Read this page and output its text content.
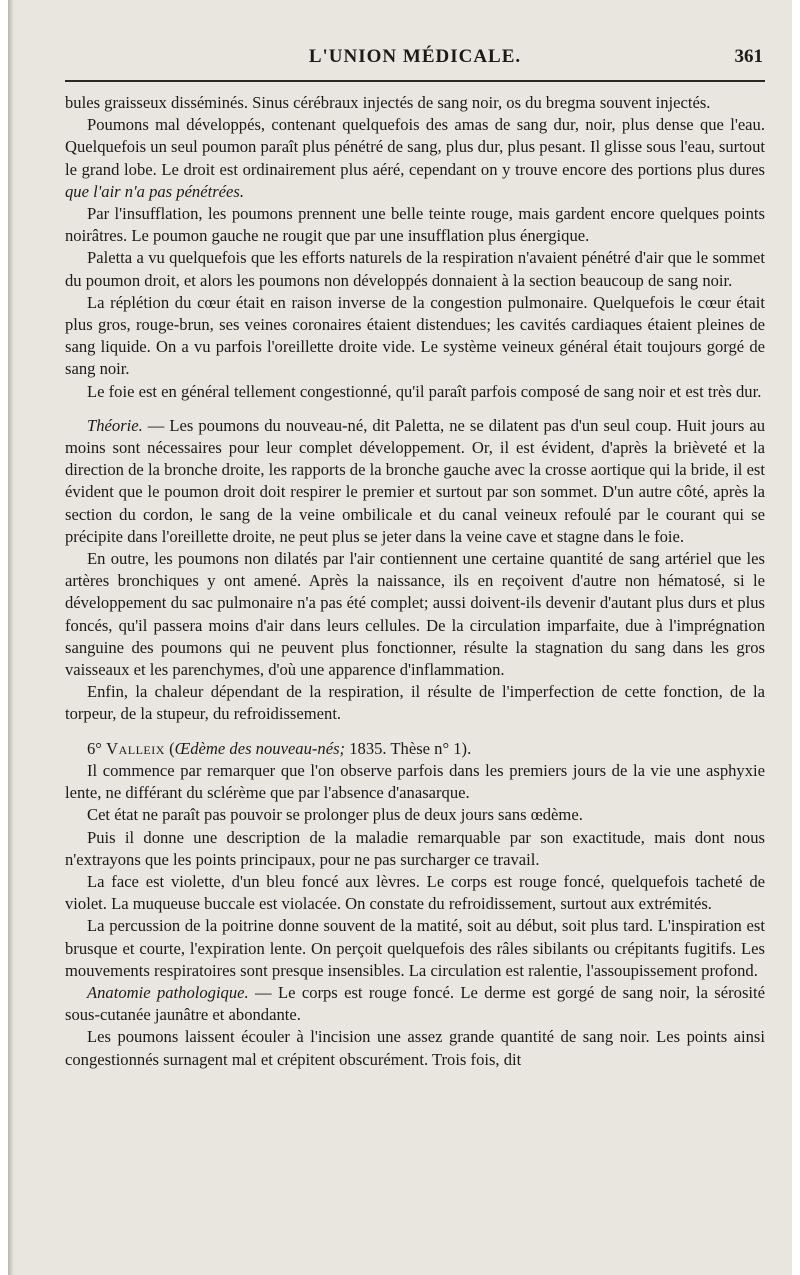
L'UNION MÉDICALE.	361

bules graisseux disséminés. Sinus cérébraux injectés de sang noir, os du bregma souvent injectés.

Poumons mal développés, contenant quelquefois des amas de sang dur, noir, plus dense que l'eau. Quelquefois un seul poumon paraît plus pénétré de sang, plus dur, plus pesant. Il glisse sous l'eau, surtout le grand lobe. Le droit est ordinairement plus aéré, cependant on y trouve encore des portions plus dures que l'air n'a pas pénétrées.

Par l'insufflation, les poumons prennent une belle teinte rouge, mais gardent encore quelques points noirâtres. Le poumon gauche ne rougit que par une insufflation plus énergique.

Paletta a vu quelquefois que les efforts naturels de la respiration n'avaient pénétré d'air que le sommet du poumon droit, et alors les poumons non développés donnaient à la section beaucoup de sang noir.

La réplétion du cœur était en raison inverse de la congestion pulmonaire. Quelquefois le cœur était plus gros, rouge-brun, ses veines coronaires étaient distendues; les cavités cardiaques étaient pleines de sang liquide. On a vu parfois l'oreillette droite vide. Le système veineux général était toujours gorgé de sang noir.

Le foie est en général tellement congestionné, qu'il paraît parfois composé de sang noir et est très dur.

Théorie. — Les poumons du nouveau-né, dit Paletta, ne se dilatent pas d'un seul coup. Huit jours au moins sont nécessaires pour leur complet développement. Or, il est évident, d'après la brièveté et la direction de la bronche droite, les rapports de la bronche gauche avec la crosse aortique qui la bride, il est évident que le poumon droit doit respirer le premier et surtout par son sommet. D'un autre côté, après la section du cordon, le sang de la veine ombilicale et du canal veineux refoulé par le courant qui se précipite dans l'oreillette droite, ne peut plus se jeter dans la veine cave et stagne dans le foie.

En outre, les poumons non dilatés par l'air contiennent une certaine quantité de sang artériel que les artères bronchiques y ont amené. Après la naissance, ils en reçoivent d'autre non hématosé, si le développement du sac pulmonaire n'a pas été complet; aussi doivent-ils devenir d'autant plus durs et plus foncés, qu'il passera moins d'air dans leurs cellules. De la circulation imparfaite, due à l'imprégnation sanguine des poumons qui ne peuvent plus fonctionner, résulte la stagnation du sang dans les gros vaisseaux et les parenchymes, d'où une apparence d'inflammation.

Enfin, la chaleur dépendant de la respiration, il résulte de l'imperfection de cette fonction, de la torpeur, de la stupeur, du refroidissement.

6° Valleix (Œdème des nouveau-nés; 1835. Thèse n° 1).

Il commence par remarquer que l'on observe parfois dans les premiers jours de la vie une asphyxie lente, ne différant du sclérème que par l'absence d'anasarque.

Cet état ne paraît pas pouvoir se prolonger plus de deux jours sans œdème.

Puis il donne une description de la maladie remarquable par son exactitude, mais dont nous n'extrayons que les points principaux, pour ne pas surcharger ce travail.

La face est violette, d'un bleu foncé aux lèvres. Le corps est rouge foncé, quelquefois tacheté de violet. La muqueuse buccale est violacée. On constate du refroidissement, surtout aux extrémités.

La percussion de la poitrine donne souvent de la matité, soit au début, soit plus tard. L'inspiration est brusque et courte, l'expiration lente. On perçoit quelquefois des râles sibilants ou crépitants fugitifs. Les mouvements respiratoires sont presque insensibles. La circulation est ralentie, l'assoupissement profond.

Anatomie pathologique. — Le corps est rouge foncé. Le derme est gorgé de sang noir, la sérosité sous-cutanée jaunâtre et abondante.

Les poumons laissent écouler à l'incision une assez grande quantité de sang noir. Les points ainsi congestionnés surnagent mal et crépitent obscurément. Trois fois, dit
